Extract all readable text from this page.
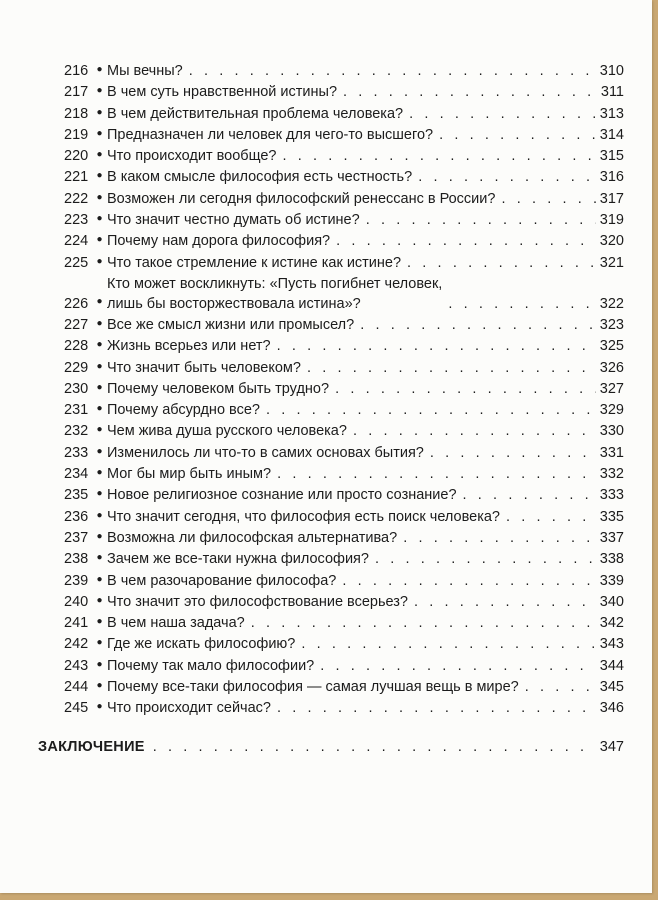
216 ● Мы вечны? . . .	310
217 ● В чем суть нравственной истины? . . .	311
218 ● В чем действительная проблема человека? . . .	313
219 ● Предназначен ли человек для чего-то высшего? . . .	314
220 ● Что происходит вообще? . . .	315
221 ● В каком смысле философия есть честность? . . .	316
222 ● Возможен ли сегодня философский ренессанс в России? . . .	317
223 ● Что значит честно думать об истине? . . .	319
224 ● Почему нам дорога философия? . . .	320
225 ● Что такое стремление к истине как истине? . . .	321
226 ●
Кто может воскликнуть: «Пусть погибнет человек,
лишь бы восторжествовала истина»? . . .	322
227 ● Все же смысл жизни или промысел? . . .	323
228 ● Жизнь всерьез или нет? . . .	325
229 ● Что значит быть человеком? . . .	326
230 ● Почему человеком быть трудно? . . .	327
231 ● Почему абсурдно все? . . .	329
232 ● Чем жива душа русского человека? . . .	330
233 ● Изменилось ли что-то в самих основах бытия? . . .	331
234 ● Мог бы мир быть иным? . . .	332
235 ● Новое религиозное сознание или просто сознание? . . .	333
236 ● Что значит сегодня, что философия есть поиск человека? . . .	335
237 ● Возможна ли философская альтернатива? . . .	337
238 ● Зачем же все-таки нужна философия? . . .	338
239 ● В чем разочарование философа? . . .	339
240 ● Что значит это философствование всерьез? . . .	340
241 ● В чем наша задача? . . .	342
242 ● Где же искать философию? . . .	343
243 ● Почему так мало философии? . . .	344
244 ● Почему все-таки философия — самая лучшая вещь в мире? . . .	345
245 ● Что происходит сейчас? . . .	346
ЗАКЛЮЧЕНИЕ . . .	347
